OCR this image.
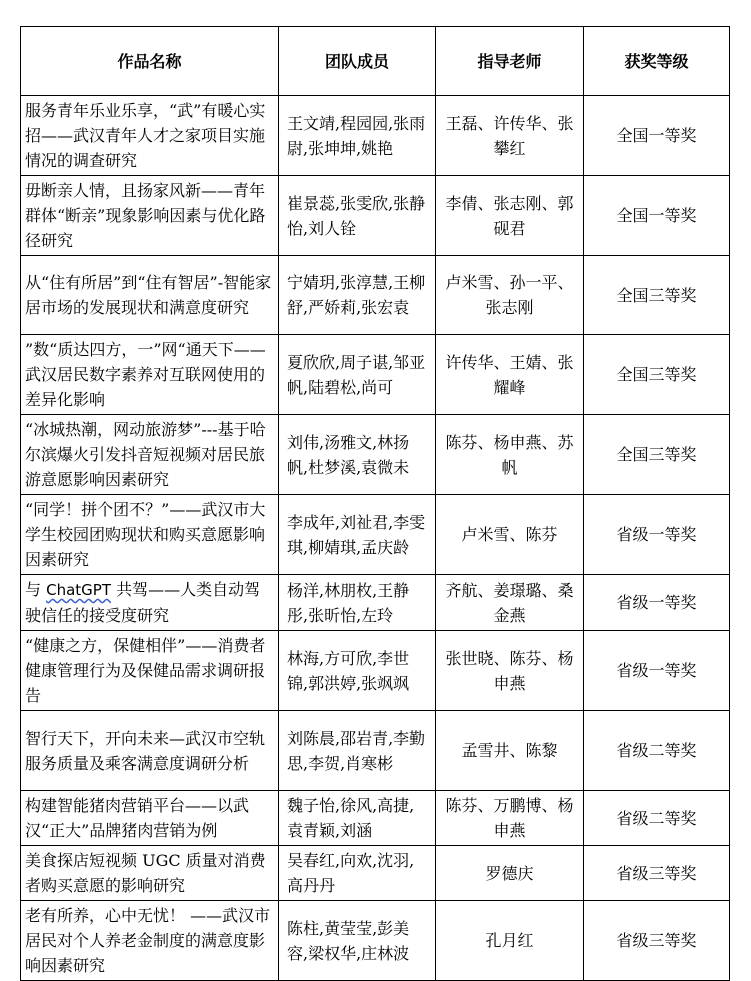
作品名称	团队成员	指导老师	获奖等级
服务青年乐业乐享，“武”有暖心实招——武汉青年人才之家项目实施情况的调查研究	王文靖,程园园,张雨尉,张坤坤,姚艳	王磊、许传华、张攀红	全国一等奖
毋断亲人情，且扬家风新——青年群体“断亲”现象影响因素与优化路径研究	崔景蕊,张雯欣,张静怡,刘人铨	李倩、张志刚、郭砚君	全国一等奖
从“住有所居”到“住有智居”-智能家居市场的发展现状和满意度研究	宁婧玥,张淳慧,王柳舒,严娇莉,张宏袁	卢米雪、孙一平、张志刚	全国三等奖
”数“质达四方，一”网“通天下——武汉居民数字素养对互联网使用的差异化影响	夏欣欣,周子谌,邹亚帆,陆碧松,尚可	许传华、王婧、张耀峰	全国三等奖
“冰城热潮，网动旅游梦”---基于哈尔滨爆火引发抖音短视频对居民旅游意愿影响因素研究	刘伟,汤雅文,林扬帆,杜梦溪,袁微未	陈芬、杨申燕、苏帆	全国三等奖
“同学！拼个团不？”——武汉市大学生校园团购现状和购买意愿影响因素研究	李成年,刘祉君,李雯琪,柳婧琪,孟庆龄	卢米雪、陈芬	省级一等奖
与 ChatGPT 共驾——人类自动驾驶信任的接受度研究	杨洋,林朋枚,王静彤,张昕怡,左玲	齐航、姜璟璐、桑金燕	省级一等奖
“健康之方，保健相伴”——消费者健康管理行为及保健品需求调研报告	林海,方可欣,李世锦,郭洪婷,张飒飒	张世晓、陈芬、杨申燕	省级一等奖
智行天下，开向未来—武汉市空轨服务质量及乘客满意度调研分析	刘陈晨,邵岩青,李勤思,李贺,肖寒彬	孟雪井、陈黎	省级二等奖
构建智能猪肉营销平台——以武汉“正大”品牌猪肉营销为例	魏子怡,徐风,高捷,袁青颖,刘涵	陈芬、万鹏博、杨申燕	省级二等奖
美食探店短视频 UGC 质量对消费者购买意愿的影响研究	吴春红,向欢,沈羽,高丹丹	罗德庆	省级三等奖
老有所养，心中无忧！ ——武汉市居民对个人养老金制度的满意度影响因素研究	陈柱,黄莹莹,彭美容,梁权华,庄林波	孔月红	省级三等奖
